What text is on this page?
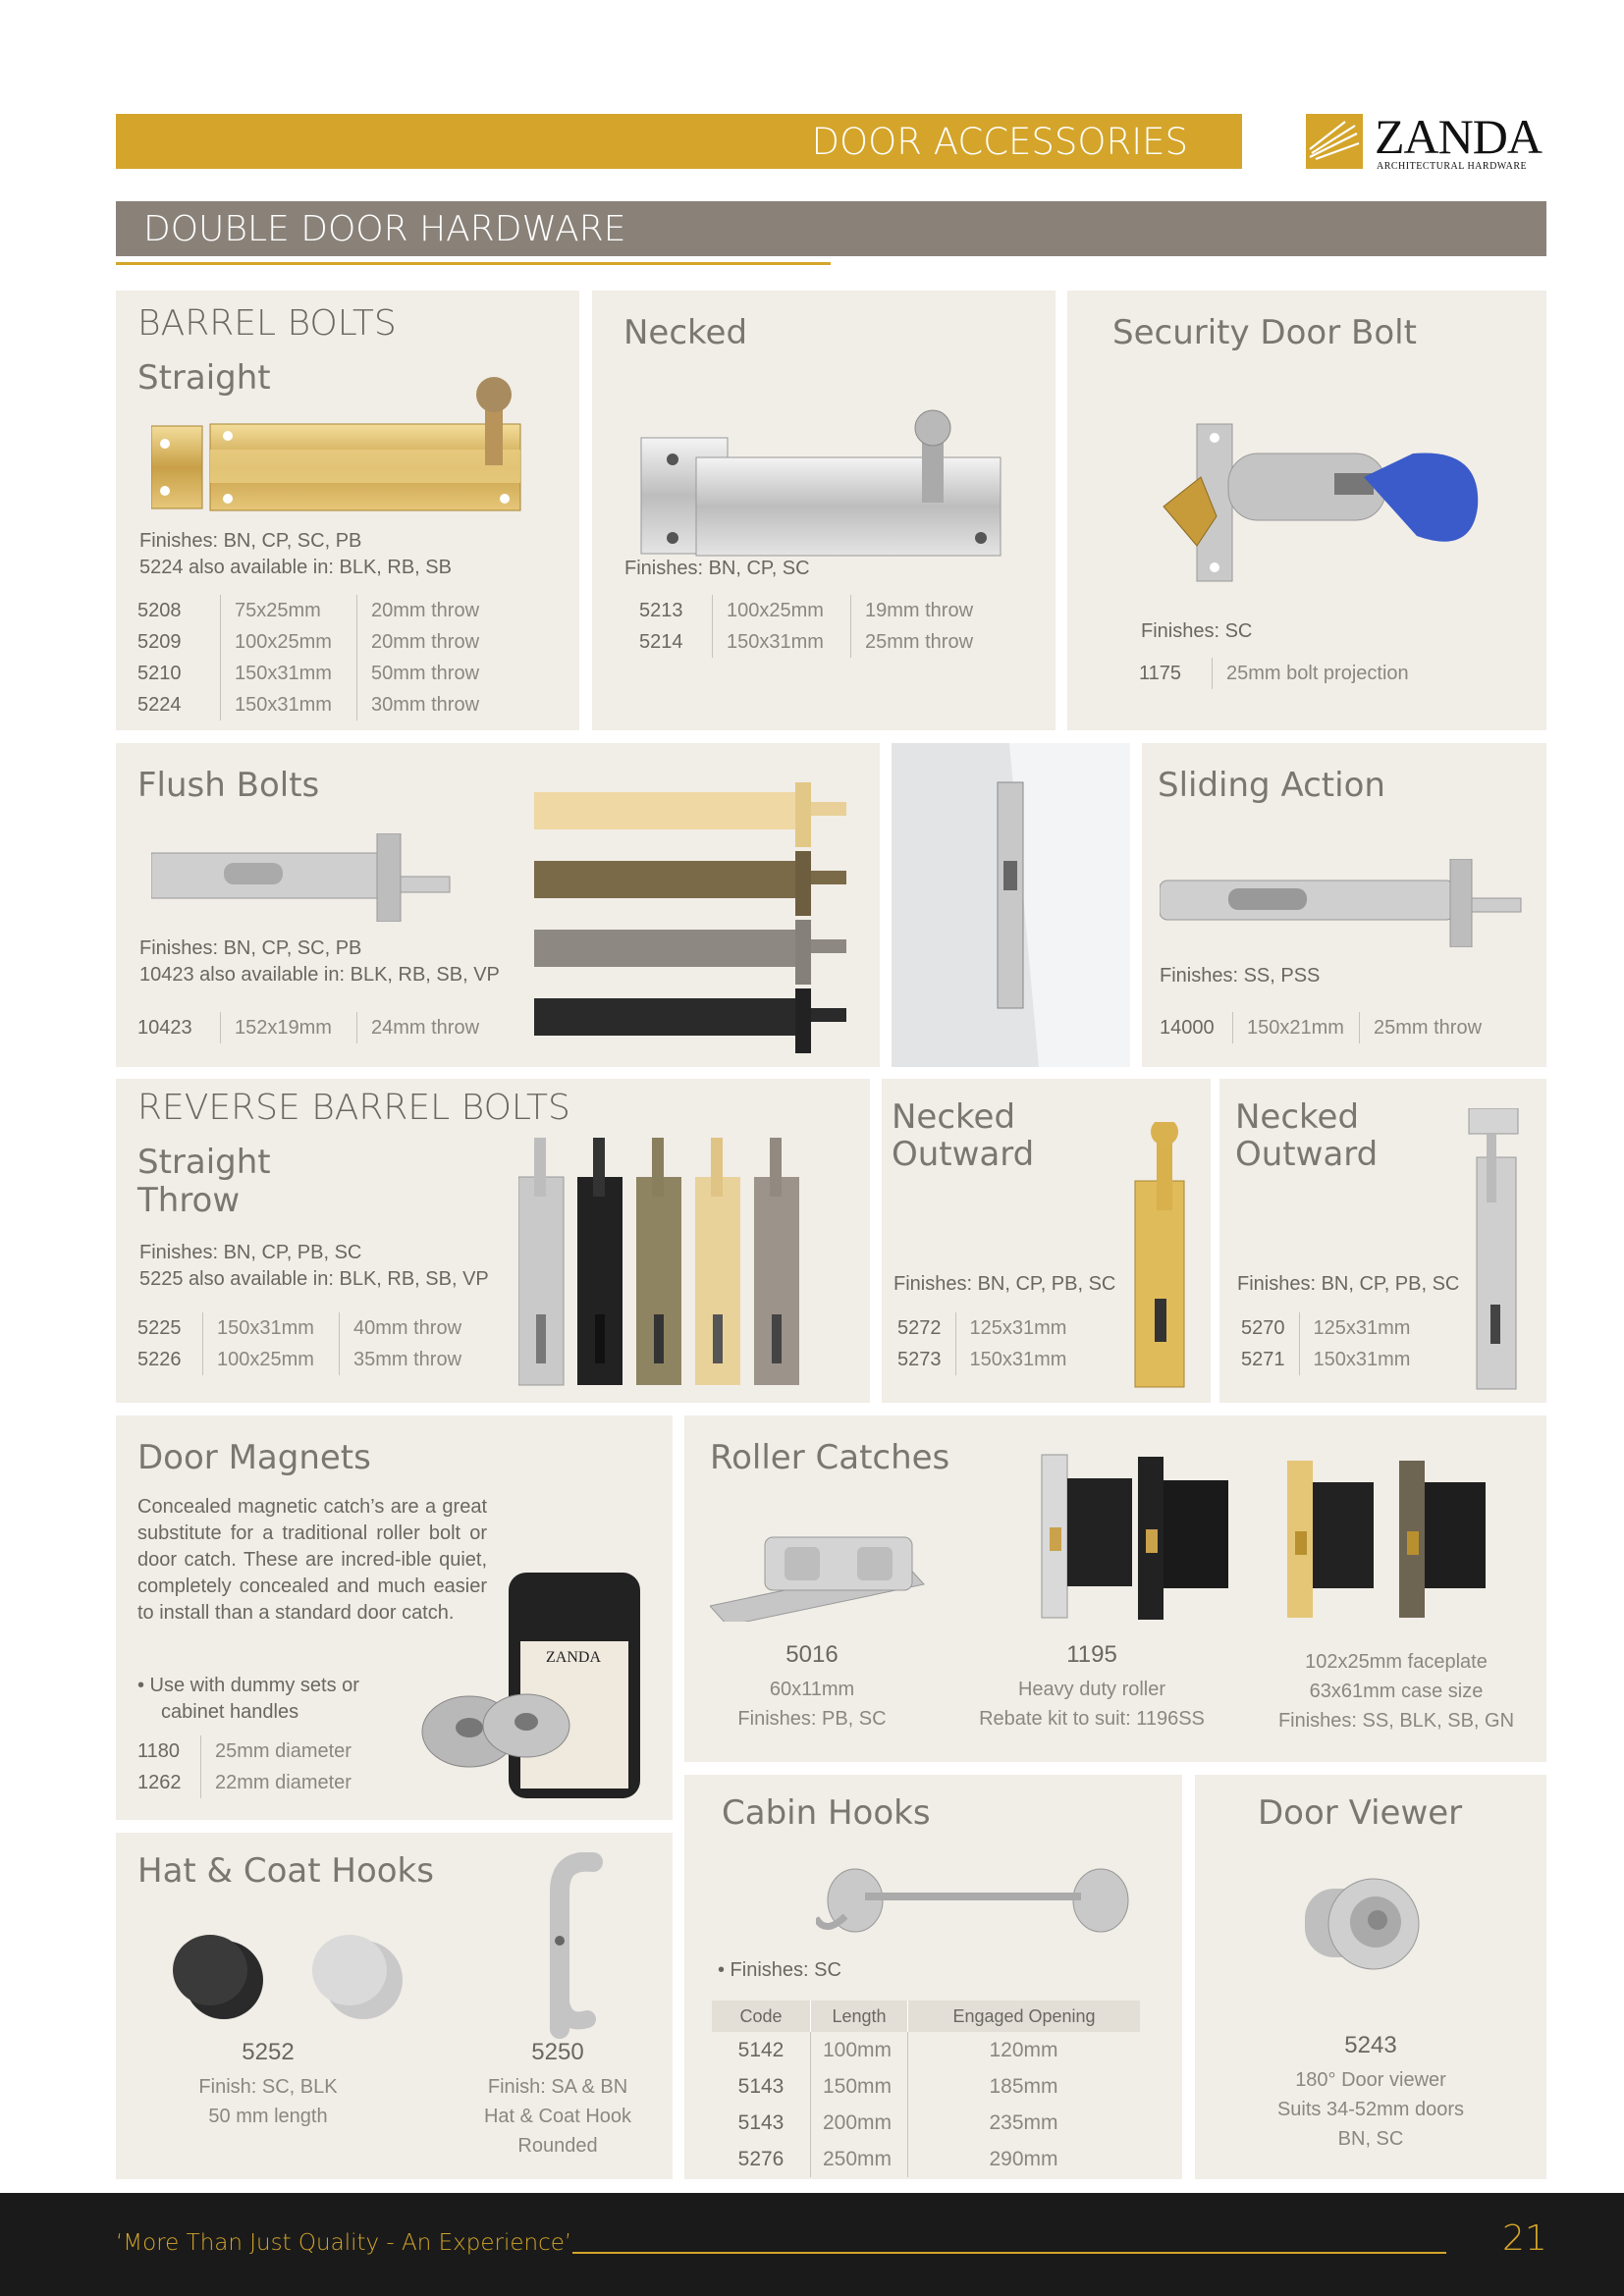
DOOR ACCESSORIES	ZANDA
ARCHITECTURAL HARDWARE
DOUBLE DOOR HARDWARE
BARREL BOLTS
Straight
Finishes: BN, CP, SC, PB
5224 also available in: BLK, RB, SB
5208	75x25mm	20mm throw
5209	100x25mm	20mm throw
5210	150x31mm	50mm throw
5224	150x31mm	30mm throw
Necked
Finishes: BN, CP, SC
5213	100x25mm	19mm throw
5214	150x31mm	25mm throw
Security Door Bolt
Finishes: SC
1175	25mm bolt projection
Flush Bolts
Finishes: BN, CP, SC, PB
10423 also available in: BLK, RB, SB, VP
10423	152x19mm	24mm throw
Sliding Action
Finishes: SS, PSS
14000	150x21mm	25mm throw
REVERSE BARREL BOLTS
Straight
Throw
Finishes: BN, CP, PB, SC
5225 also available in: BLK, RB, SB, VP
5225	150x31mm	40mm throw
5226	100x25mm	35mm throw
Necked
Outward
Finishes: BN, CP, PB, SC
5272	125x31mm
5273	150x31mm
Necked
Outward
Finishes: BN, CP, PB, SC
5270	125x31mm
5271	150x31mm
Door Magnets
Concealed magnetic catch’s are a great substitute for a traditional roller bolt or door catch. These are incred-ible quiet, completely concealed and much easier to install than a standard door catch.
• Use with dummy sets or
cabinet handles
1180	25mm diameter
1262	22mm diameter
ZANDA
Hat & Coat Hooks
5252
Finish: SC, BLK
50 mm length
5250
Finish: SA & BN
Hat & Coat Hook
Rounded
Roller Catches
5016
60x11mm
Finishes: PB, SC
1195
Heavy duty roller
Rebate kit to suit: 1196SS
102x25mm faceplate
63x61mm case size
Finishes: SS, BLK, SB, GN
Cabin Hooks
• Finishes: SC
Code	Length	Engaged Opening
5142	100mm	120mm
5143	150mm	185mm
5143	200mm	235mm
5276	250mm	290mm
Door Viewer
5243
180° Door viewer
Suits 34-52mm doors
BN, SC
‘More Than Just Quality - An Experience’	21
